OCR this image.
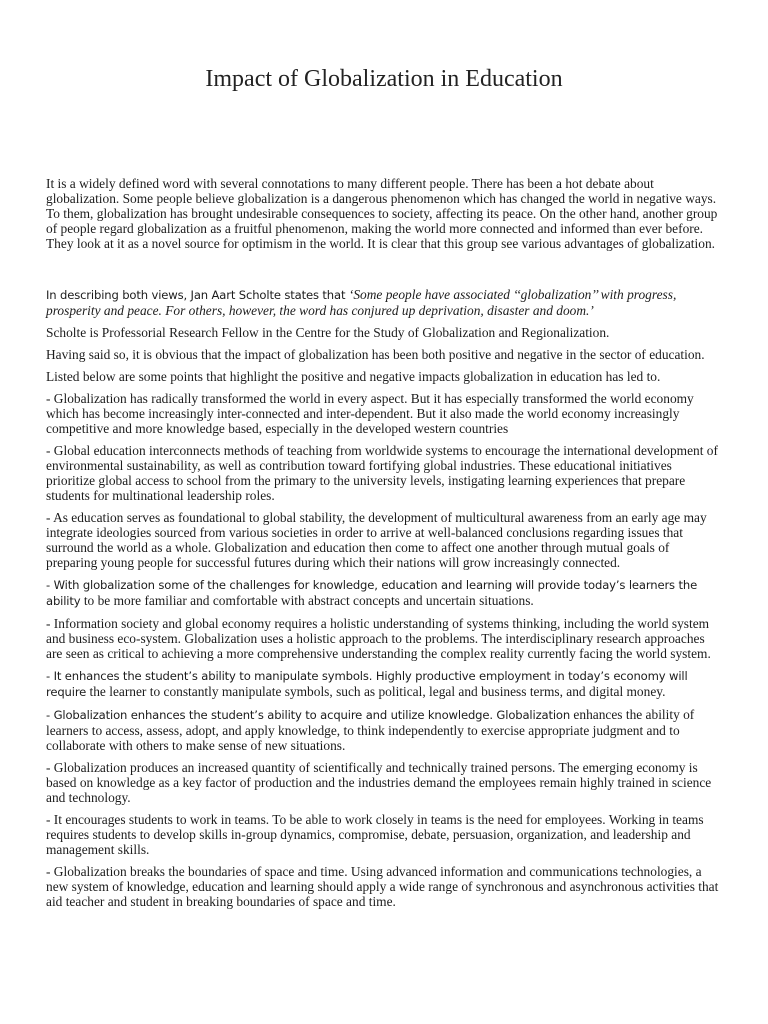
Impact of Globalization in Education

It is a widely defined word with several connotations to many different people. There has been a hot debate about globalization. Some people believe globalization is a dangerous phenomenon which has changed the world in negative ways. To them, globalization has brought undesirable consequences to society, affecting its peace. On the other hand, another group of people regard globalization as a fruitful phenomenon, making the world more connected and informed than ever before. They look at it as a novel source for optimism in the world. It is clear that this group see various advantages of globalization.

In describing both views, Jan Aart Scholte states that ‘Some people have associated ‘‘globalization’’ with progress, prosperity and peace. For others, however, the word has conjured up deprivation, disaster and doom.’

Scholte is Professorial Research Fellow in the Centre for the Study of Globalization and Regionalization.

Having said so, it is obvious that the impact of globalization has been both positive and negative in the sector of education.

Listed below are some points that highlight the positive and negative impacts globalization in education has led to.

- Globalization has radically transformed the world in every aspect. But it has especially transformed the world economy which has become increasingly inter-connected and inter-dependent. But it also made the world economy increasingly competitive and more knowledge based, especially in the developed western countries

- Global education interconnects methods of teaching from worldwide systems to encourage the international development of environmental sustainability, as well as contribution toward fortifying global industries. These educational initiatives prioritize global access to school from the primary to the university levels, instigating learning experiences that prepare students for multinational leadership roles.

- As education serves as foundational to global stability, the development of multicultural awareness from an early age may integrate ideologies sourced from various societies in order to arrive at well-balanced conclusions regarding issues that surround the world as a whole. Globalization and education then come to affect one another through mutual goals of preparing young people for successful futures during which their nations will grow increasingly connected.

- With globalization some of the challenges for knowledge, education and learning will provide today’s learners the ability to be more familiar and comfortable with abstract concepts and uncertain situations.

- Information society and global economy requires a holistic understanding of systems thinking, including the world system and business eco-system. Globalization uses a holistic approach to the problems. The interdisciplinary research approaches are seen as critical to achieving a more comprehensive understanding the complex reality currently facing the world system.

- It enhances the student’s ability to manipulate symbols. Highly productive employment in today’s economy will require the learner to constantly manipulate symbols, such as political, legal and business terms, and digital money.

- Globalization enhances the student’s ability to acquire and utilize knowledge. Globalization enhances the ability of learners to access, assess, adopt, and apply knowledge, to think independently to exercise appropriate judgment and to collaborate with others to make sense of new situations.

- Globalization produces an increased quantity of scientifically and technically trained persons. The emerging economy is based on knowledge as a key factor of production and the industries demand the employees remain highly trained in science and technology.

- It encourages students to work in teams. To be able to work closely in teams is the need for employees. Working in teams requires students to develop skills in-group dynamics, compromise, debate, persuasion, organization, and leadership and management skills.

- Globalization breaks the boundaries of space and time. Using advanced information and communications technologies, a new system of knowledge, education and learning should apply a wide range of synchronous and asynchronous activities that aid teacher and student in breaking boundaries of space and time.
